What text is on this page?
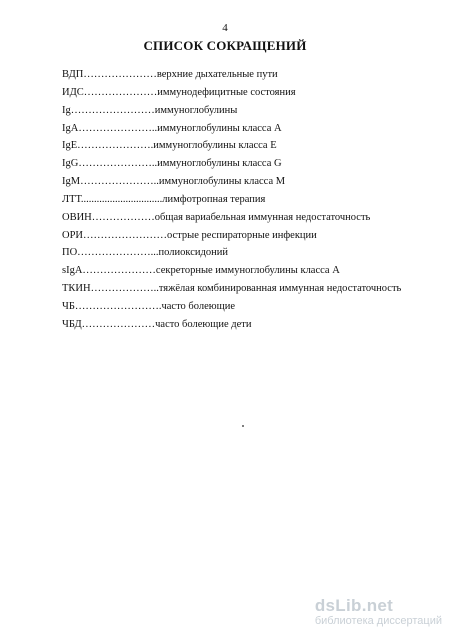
4
СПИСОК СОКРАЩЕНИЙ
ВДП…………………верхние дыхательные пути
ИДС…………………иммунодефицитные состояния
Ig……………………иммуноглобулины
IgA…………………..иммуноглобулины класса А
IgE………………….иммуноглобулины класса Е
IgG…………………..иммуноглобулины класса G
IgM…………………..иммуноглобулины класса М
ЛТТ...............................лимфотропная терапия
ОВИН………………общая вариабельная иммунная недостаточность
ОРИ……………………острые респираторные инфекции
ПО…………………...полиоксидоний
sIgA…………………секреторные иммуноглобулины класса А
ТКИН………………..тяжёлая комбинированная иммунная недостаточность
ЧБ…………………….часто болеющие
ЧБД…………………часто болеющие дети
dsLib.net
библиотека диссертаций
